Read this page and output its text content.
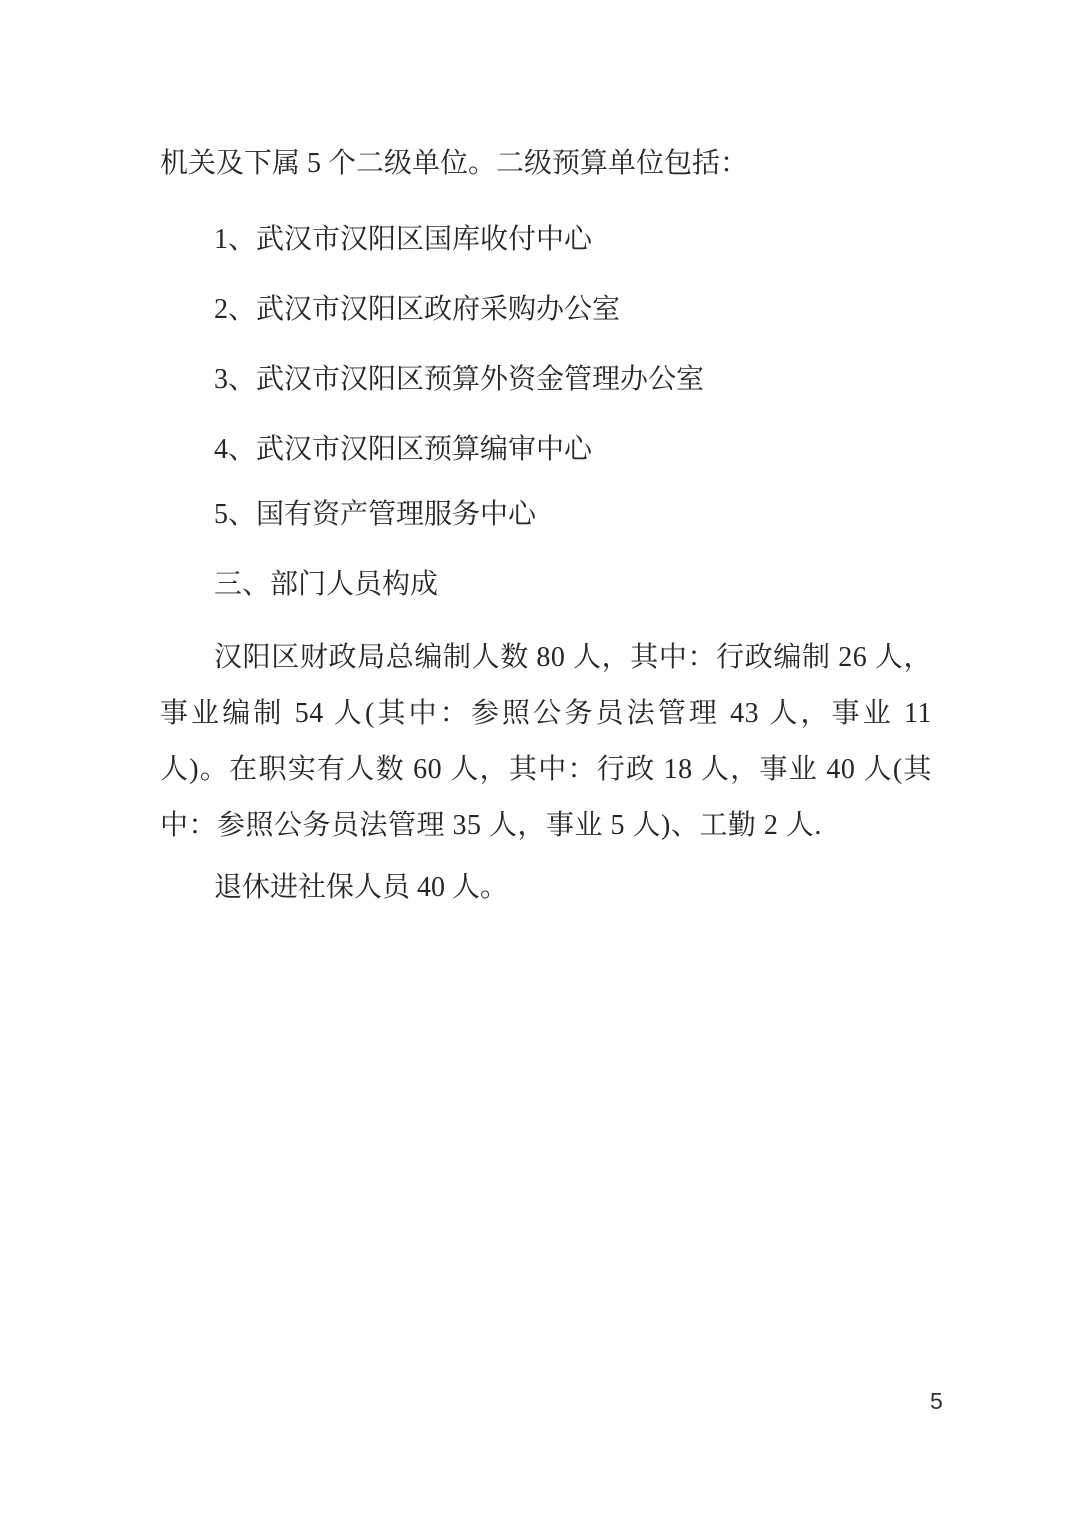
机关及下属 5 个二级单位。二级预算单位包括：

1、武汉市汉阳区国库收付中心
2、武汉市汉阳区政府采购办公室
3、武汉市汉阳区预算外资金管理办公室
4、武汉市汉阳区预算编审中心
5、国有资产管理服务中心
三、部门人员构成

汉阳区财政局总编制人数 80 人，其中：行政编制 26 人，事业编制 54 人(其中：参照公务员法管理 43 人，事业 11 人)。在职实有人数 60 人，其中：行政 18 人，事业 40 人(其中：参照公务员法管理 35 人，事业 5 人)、工勤 2 人.

退休进社保人员 40 人。

5
